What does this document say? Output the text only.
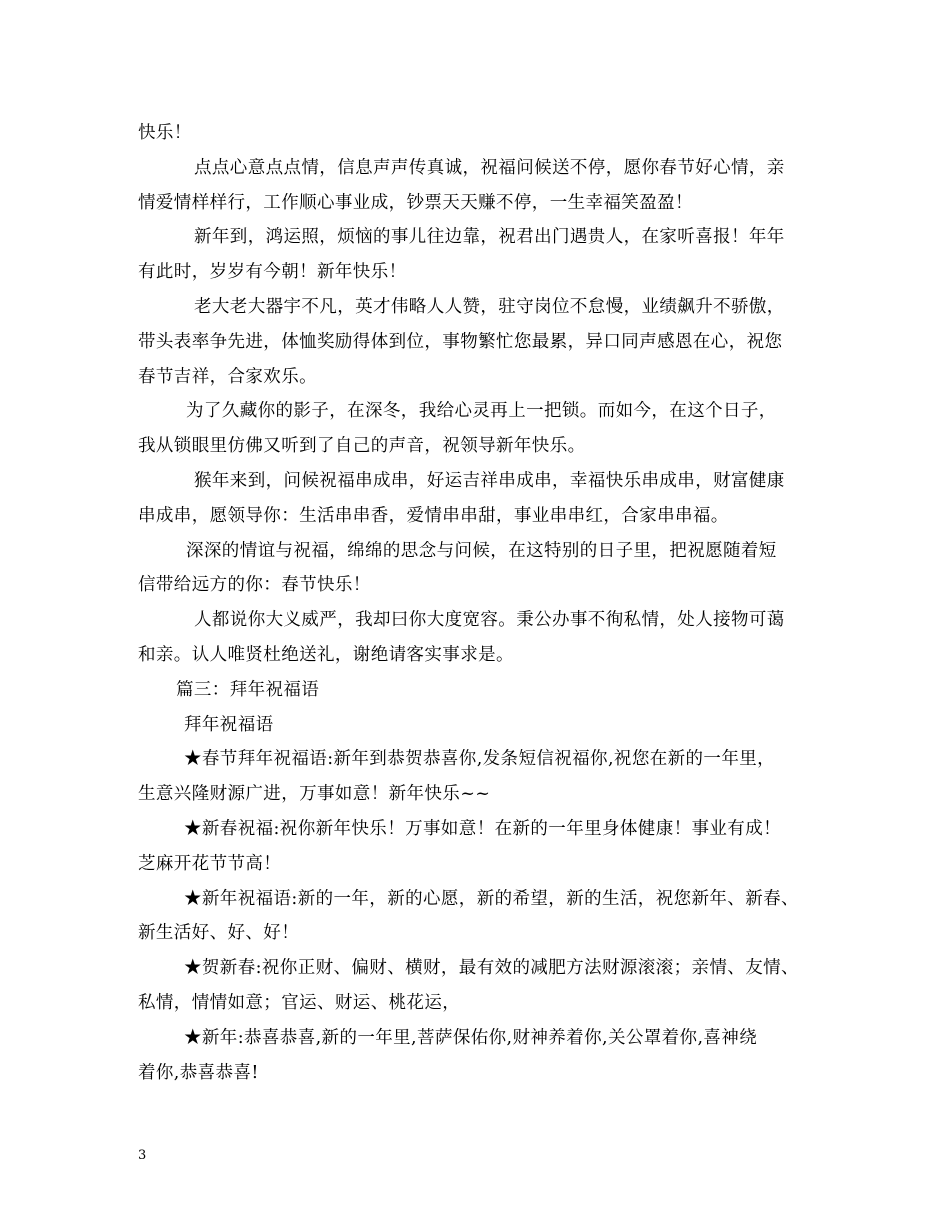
快乐！
点点心意点点情，信息声声传真诚，祝福问候送不停，愿你春节好心情，亲
情爱情样样行，工作顺心事业成，钞票天天赚不停，一生幸福笑盈盈！
新年到，鸿运照，烦恼的事儿往边靠，祝君出门遇贵人，在家听喜报！年年
有此时，岁岁有今朝！新年快乐！
老大老大器宇不凡，英才伟略人人赞，驻守岗位不怠慢，业绩飙升不骄傲，
带头表率争先进，体恤奖励得体到位，事物繁忙您最累，异口同声感恩在心，祝您
春节吉祥，合家欢乐。
为了久藏你的影子，在深冬，我给心灵再上一把锁。而如今，在这个日子，
我从锁眼里仿佛又听到了自己的声音，祝领导新年快乐。
猴年来到，问候祝福串成串，好运吉祥串成串，幸福快乐串成串，财富健康
串成串，愿领导你：生活串串香，爱情串串甜，事业串串红，合家串串福。
深深的情谊与祝福，绵绵的思念与问候，在这特别的日子里，把祝愿随着短
信带给远方的你：春节快乐！
人都说你大义威严，我却曰你大度宽容。秉公办事不徇私情，处人接物可蔼
和亲。认人唯贤杜绝送礼，谢绝请客实事求是。
篇三：拜年祝福语
拜年祝福语
★春节拜年祝福语:新年到恭贺恭喜你,发条短信祝福你,祝您在新的一年里，
生意兴隆财源广进，万事如意！新年快乐~~
★新春祝福:祝你新年快乐！万事如意！在新的一年里身体健康！事业有成！
芝麻开花节节高！
★新年祝福语:新的一年，新的心愿，新的希望，新的生活，祝您新年、新春、
新生活好、好、好！
★贺新春:祝你正财、偏财、横财，最有效的减肥方法财源滚滚；亲情、友情、
私情，情情如意；官运、财运、桃花运，
★新年:恭喜恭喜,新的一年里,菩萨保佑你,财神养着你,关公罩着你,喜神绕
着你,恭喜恭喜!
3
